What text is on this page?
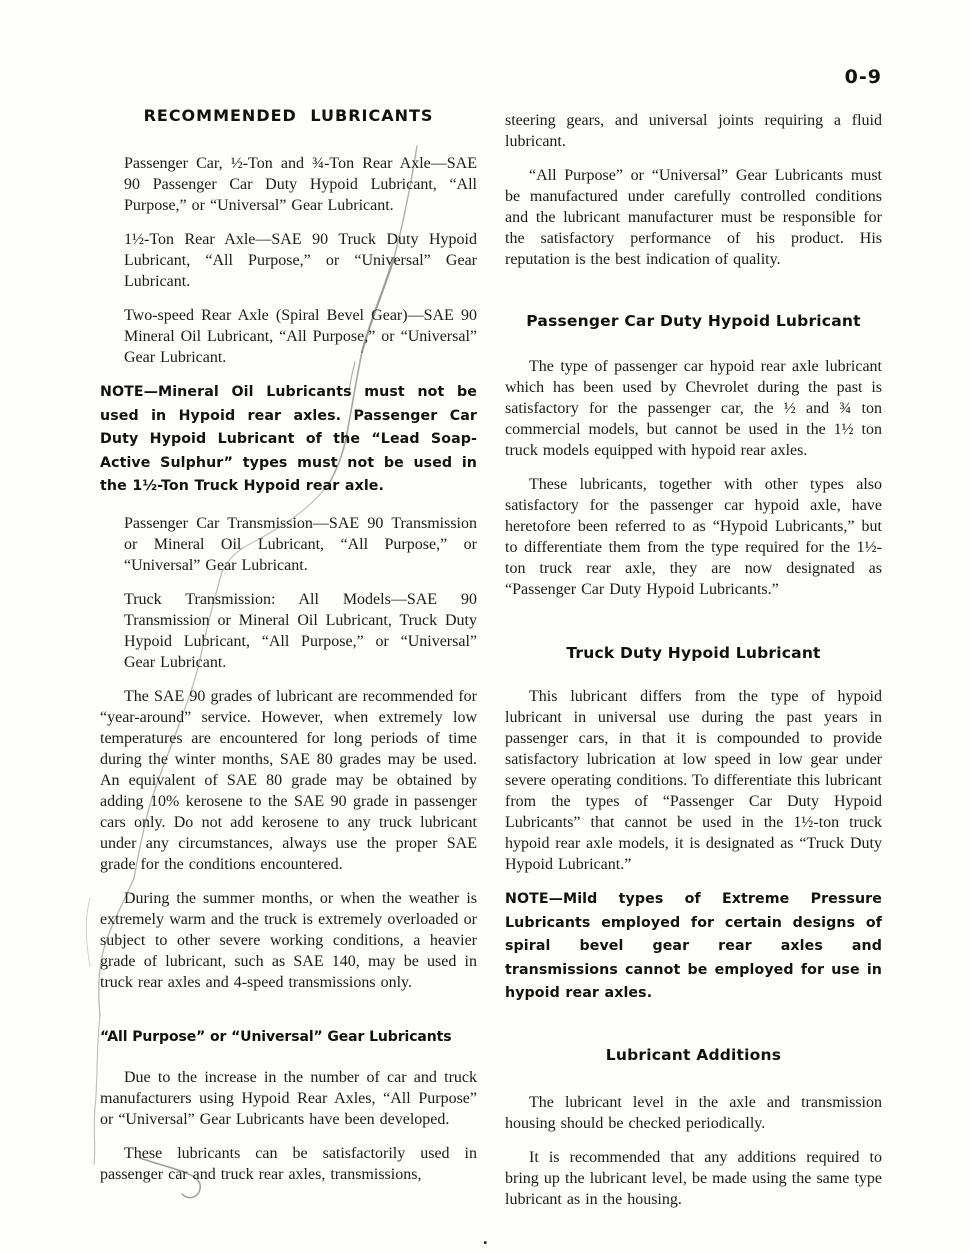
0-9
RECOMMENDED LUBRICANTS

Passenger Car, ½-Ton and ¾-Ton Rear Axle—SAE 90 Passenger Car Duty Hypoid Lubricant, “All Purpose,” or “Universal” Gear Lubricant.

1½-Ton Rear Axle—SAE 90 Truck Duty Hypoid Lubricant, “All Purpose,” or “Universal” Gear Lubricant.

Two-speed Rear Axle (Spiral Bevel Gear)—SAE 90 Mineral Oil Lubricant, “All Purpose,” or “Universal” Gear Lubricant.

NOTE—Mineral Oil Lubricants must not be used in Hypoid rear axles. Passenger Car Duty Hypoid Lubricant of the “Lead Soap-Active Sulphur” types must not be used in the 1½-Ton Truck Hypoid rear axle.

Passenger Car Transmission—SAE 90 Transmission or Mineral Oil Lubricant, “All Purpose,” or “Universal” Gear Lubricant.

Truck Transmission: All Models—SAE 90 Transmission or Mineral Oil Lubricant, Truck Duty Hypoid Lubricant, “All Purpose,” or “Universal” Gear Lubricant.

The SAE 90 grades of lubricant are recommended for “year-around” service. However, when extremely low temperatures are encountered for long periods of time during the winter months, SAE 80 grades may be used. An equivalent of SAE 80 grade may be obtained by adding 10% kerosene to the SAE 90 grade in passenger cars only. Do not add kerosene to any truck lubricant under any circumstances, always use the proper SAE grade for the conditions encountered.

During the summer months, or when the weather is extremely warm and the truck is extremely overloaded or subject to other severe working conditions, a heavier grade of lubricant, such as SAE 140, may be used in truck rear axles and 4-speed transmissions only.

“All Purpose” or “Universal” Gear Lubricants

Due to the increase in the number of car and truck manufacturers using Hypoid Rear Axles, “All Purpose” or “Universal” Gear Lubricants have been developed.

These lubricants can be satisfactorily used in passenger car and truck rear axles, transmissions,

steering gears, and universal joints requiring a fluid lubricant.

“All Purpose” or “Universal” Gear Lubricants must be manufactured under carefully controlled conditions and the lubricant manufacturer must be responsible for the satisfactory performance of his product. His reputation is the best indication of quality.

Passenger Car Duty Hypoid Lubricant

The type of passenger car hypoid rear axle lubricant which has been used by Chevrolet during the past is satisfactory for the passenger car, the ½ and ¾ ton commercial models, but cannot be used in the 1½ ton truck models equipped with hypoid rear axles.

These lubricants, together with other types also satisfactory for the passenger car hypoid axle, have heretofore been referred to as “Hypoid Lubricants,” but to differentiate them from the type required for the 1½-ton truck rear axle, they are now designated as “Passenger Car Duty Hypoid Lubricants.”

Truck Duty Hypoid Lubricant

This lubricant differs from the type of hypoid lubricant in universal use during the past years in passenger cars, in that it is compounded to provide satisfactory lubrication at low speed in low gear under severe operating conditions. To differentiate this lubricant from the types of “Passenger Car Duty Hypoid Lubricants” that cannot be used in the 1½-ton truck hypoid rear axle models, it is designated as “Truck Duty Hypoid Lubricant.”

NOTE—Mild types of Extreme Pressure Lubricants employed for certain designs of spiral bevel gear rear axles and transmissions cannot be employed for use in hypoid rear axles.

Lubricant Additions

The lubricant level in the axle and transmission housing should be checked periodically.

It is recommended that any additions required to bring up the lubricant level, be made using the same type lubricant as in the housing.

.
